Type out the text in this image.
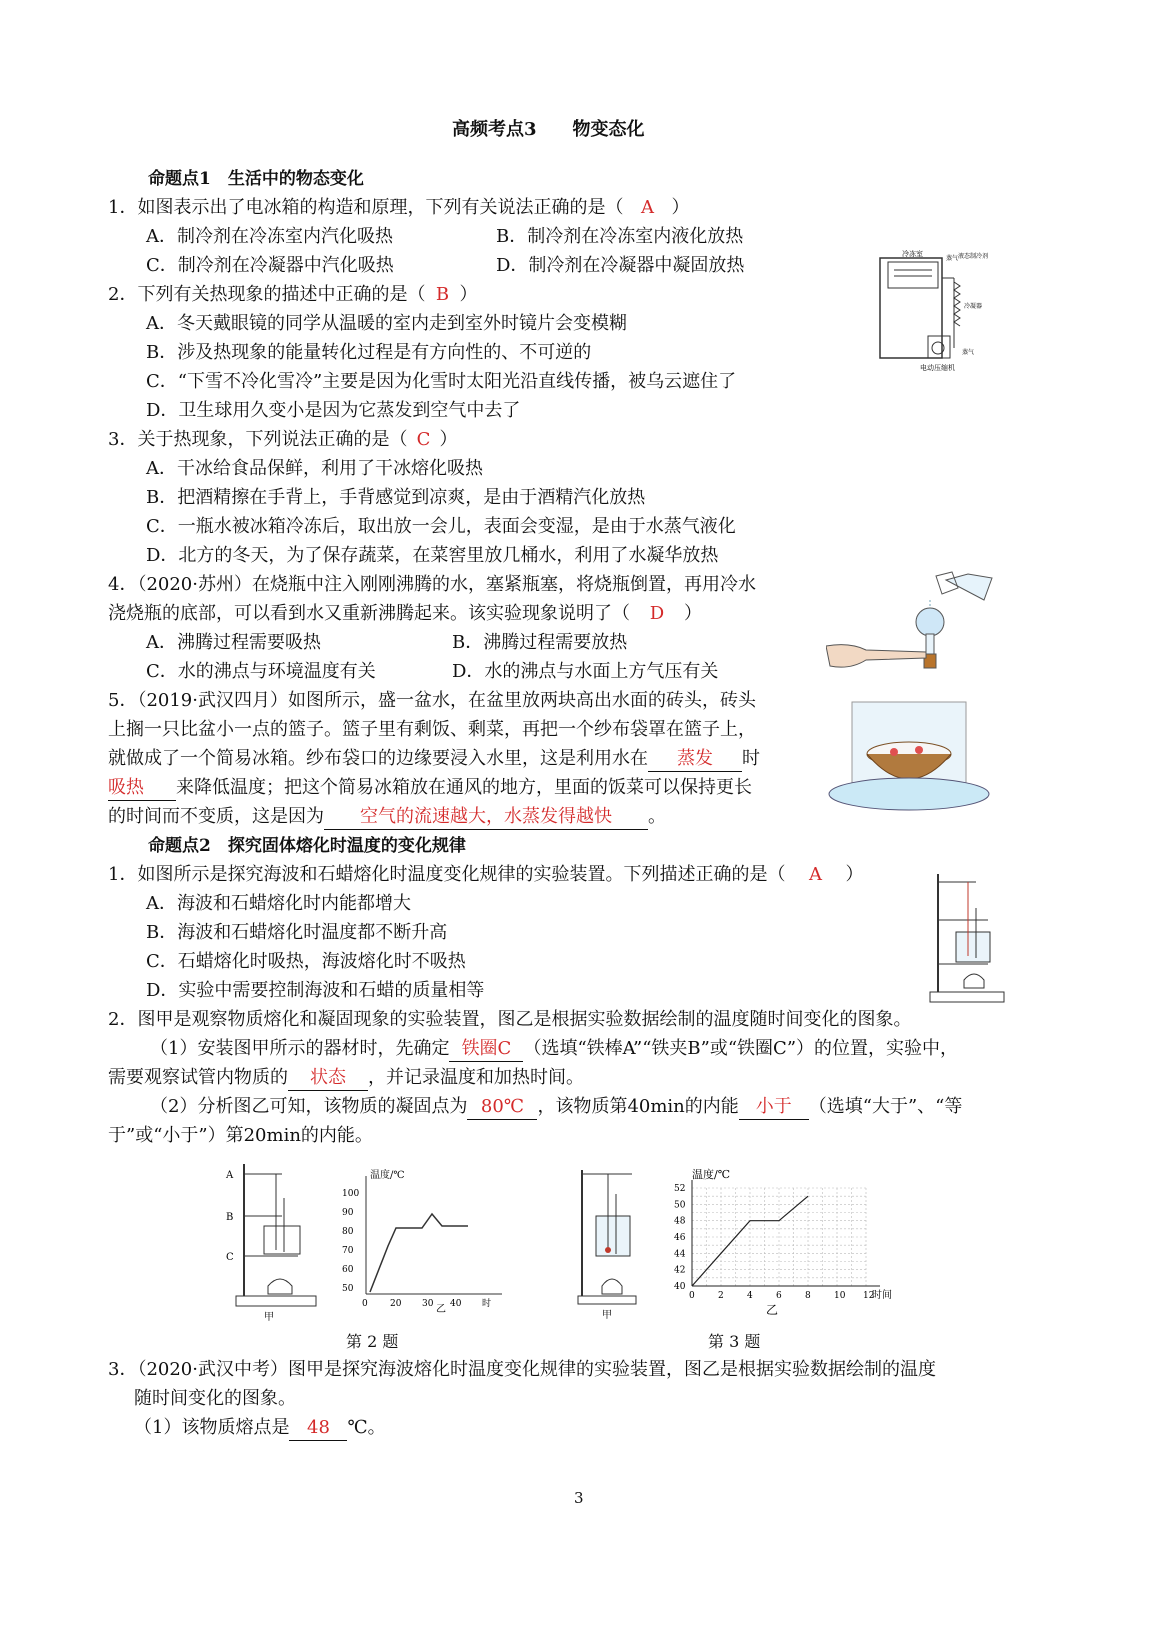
高频考点3　　物变态化
命题点1　生活中的物态变化
1．如图表示出了电冰箱的构造和原理，下列有关说法正确的是（ A ）
A．制冷剂在冷冻室内汽化吸热	B．制冷剂在冷冻室内液化放热
C．制冷剂在冷凝器中汽化吸热	D．制冷剂在冷凝器中凝固放热
冷冻室
蒸气 液态制冷剂
冷凝器
蒸气
电动压缩机
2．下列有关热现象的描述中正确的是（ B ）
A．冬天戴眼镜的同学从温暖的室内走到室外时镜片会变模糊
B．涉及热现象的能量转化过程是有方向性的、不可逆的
C．“下雪不冷化雪冷”主要是因为化雪时太阳光沿直线传播，被乌云遮住了
D．卫生球用久变小是因为它蒸发到空气中去了
3．关于热现象，下列说法正确的是（ C ）
A．干冰给食品保鲜，利用了干冰熔化吸热
B．把酒精擦在手背上，手背感觉到凉爽，是由于酒精汽化放热
C．一瓶水被冰箱冷冻后，取出放一会儿，表面会变湿，是由于水蒸气液化
D．北方的冬天，为了保存蔬菜，在菜窖里放几桶水，利用了水凝华放热
4．（2020·苏州）在烧瓶中注入刚刚沸腾的水，塞紧瓶塞，将烧瓶倒置，再用冷水
浇烧瓶的底部，可以看到水又重新沸腾起来。该实验现象说明了（ D ）
A．沸腾过程需要吸热	B．沸腾过程需要放热
C．水的沸点与环境温度有关	D．水的沸点与水面上方气压有关
5．（2019·武汉四月）如图所示，盛一盆水，在盆里放两块高出水面的砖头，砖头
上搁一只比盆小一点的篮子。篮子里有剩饭、剩菜，再把一个纱布袋罩在篮子上，
就做成了一个简易冰箱。纱布袋口的边缘要浸入水里，这是利用水在 蒸发 时
吸热 来降低温度；把这个简易冰箱放在通风的地方，里面的饭菜可以保持更长
的时间而不变质，这是因为 空气的流速越大，水蒸发得越快 。
命题点2　探究固体熔化时温度的变化规律
1．如图所示是探究海波和石蜡熔化时温度变化规律的实验装置。下列描述正确的是（ A ）
A．海波和石蜡熔化时内能都增大
B．海波和石蜡熔化时温度都不断升高
C．石蜡熔化时吸热，海波熔化时不吸热
D．实验中需要控制海波和石蜡的质量相等
2．图甲是观察物质熔化和凝固现象的实验装置，图乙是根据实验数据绘制的温度随时间变化的图象。
（1）安装图甲所示的器材时，先确定 铁圈C （选填“铁棒A”“铁夹B”或“铁圈C”）的位置，实验中，
需要观察试管内物质的 状态 ，并记录温度和加热时间。
（2）分析图乙可知，该物质的凝固点为 80℃ ，该物质第40min的内能 小于 （选填“大于”、“等
于”或“小于”）第20min的内能。
A
B
C
甲
温度/℃
100
90
80
70
60
50
0 20 30 40 时
乙
甲
温度/℃
时间
52
50
48
46
44
42
40
0	2	4	6	8	10 12
乙
第 2 题	第 3 题
3．（2020·武汉中考）图甲是探究海波熔化时温度变化规律的实验装置，图乙是根据实验数据绘制的温度
随时间变化的图象。
（1）该物质熔点是 48 ℃。
3
